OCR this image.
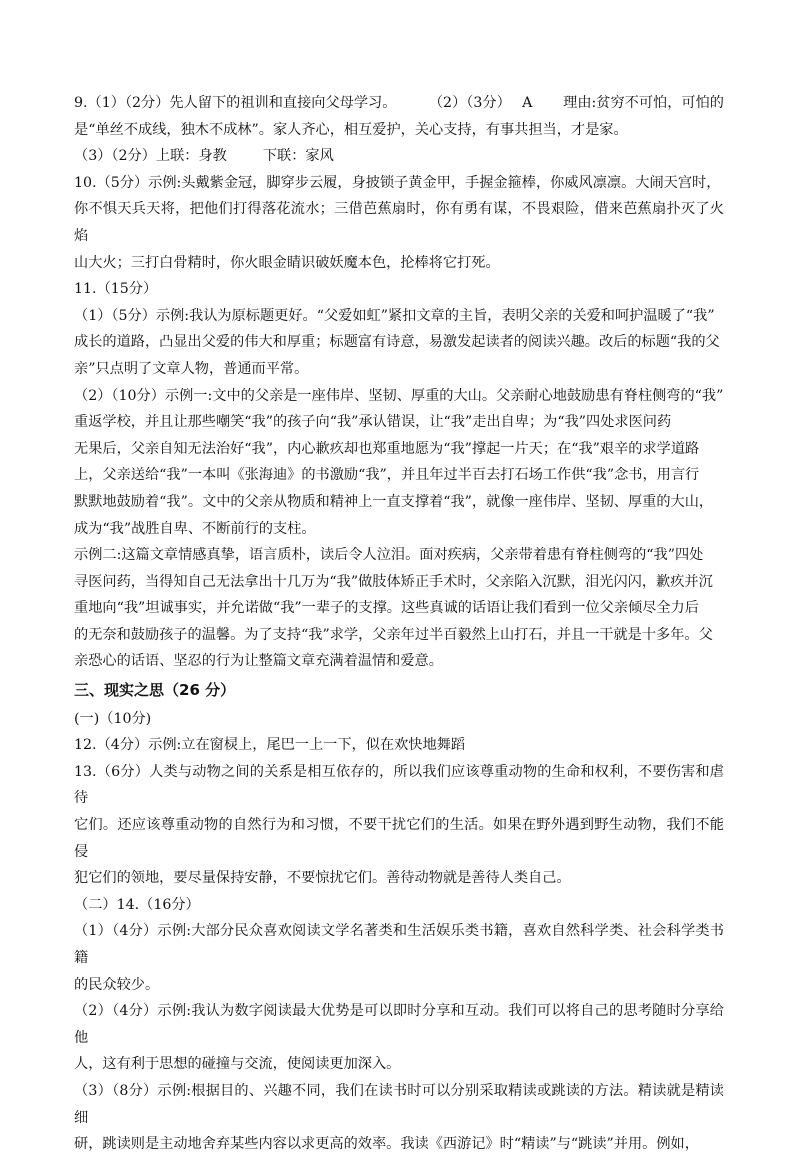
9.（1）（2分）先人留下的祖训和直接向父母学习。 （2）（3分） A 理由:贫穷不可怕，可怕的

是“单丝不成线，独木不成林”。家人齐心，相互爱护，关心支持，有事共担当，才是家。

（3）（2分）上联：身教	下联：家风

10.（5分）示例:头戴紫金冠，脚穿步云履，身披锁子黄金甲，手握金箍棒，你威风凛凛。大闹天宫时，

你不惧天兵天将，把他们打得落花流水；三借芭蕉扇时，你有勇有谋，不畏艰险，借来芭蕉扇扑灭了火焰

山大火；三打白骨精时，你火眼金睛识破妖魔本色，抡棒将它打死。

11.（15分）

（1）（5分）示例:我认为原标题更好。“父爱如虹”紧扣文章的主旨，表明父亲的关爱和呵护温暖了“我”

成长的道路，凸显出父爱的伟大和厚重；标题富有诗意，易激发起读者的阅读兴趣。改后的标题“我的父

亲”只点明了文章人物，普通而平常。

（2）（10分）示例一:文中的父亲是一座伟岸、坚韧、厚重的大山。父亲耐心地鼓励患有脊柱侧弯的“我”

重返学校，并且让那些嘲笑“我”的孩子向“我”承认错误，让“我”走出自卑；为“我”四处求医问药

无果后，父亲自知无法治好“我”，内心歉疚却也郑重地愿为“我”撑起一片天；在“我”艰辛的求学道路

上，父亲送给“我”一本叫《张海迪》的书激励“我”，并且年过半百去打石场工作供“我”念书，用言行

默默地鼓励着“我”。文中的父亲从物质和精神上一直支撑着“我”，就像一座伟岸、坚韧、厚重的大山，

成为“我”战胜自卑、不断前行的支柱。

示例二:这篇文章情感真挚，语言质朴，读后令人泣泪。面对疾病，父亲带着患有脊柱侧弯的“我”四处

寻医问药，当得知自己无法拿出十几万为“我”做肢体矫正手术时，父亲陷入沉默，泪光闪闪，歉疚并沉

重地向“我”坦诚事实，并允诺做“我”一辈子的支撑。这些真诚的话语让我们看到一位父亲倾尽全力后

的无奈和鼓励孩子的温馨。为了支持“我”求学，父亲年过半百毅然上山打石，并且一干就是十多年。父

亲恐心的话语、坚忍的行为让整篇文章充满着温情和爱意。

三、现实之思（26 分）

(一)（10分)

12.（4分）示例:立在窗棂上，尾巴一上一下，似在欢快地舞蹈

13.（6分）人类与动物之间的关系是相互依存的，所以我们应该尊重动物的生命和权利，不要伤害和虐待

它们。还应该尊重动物的自然行为和习惯，不要干扰它们的生活。如果在野外遇到野生动物，我们不能侵

犯它们的领地，要尽量保持安静，不要惊扰它们。善待动物就是善待人类自己。

（二）14.（16分）

（1）（4分）示例:大部分民众喜欢阅读文学名著类和生活娱乐类书籍，喜欢自然科学类、社会科学类书籍

的民众较少。

（2）（4分）示例:我认为数字阅读最大优势是可以即时分享和互动。我们可以将自己的思考随时分享给他

人，这有利于思想的碰撞与交流，使阅读更加深入。

（3）（8分）示例:根据目的、兴趣不同，我们在读书时可以分别采取精读或跳读的方法。精读就是精读细

研，跳读则是主动地舍弃某些内容以求更高的效率。我读《西游记》时“精读”与“跳读”并用。例如，
